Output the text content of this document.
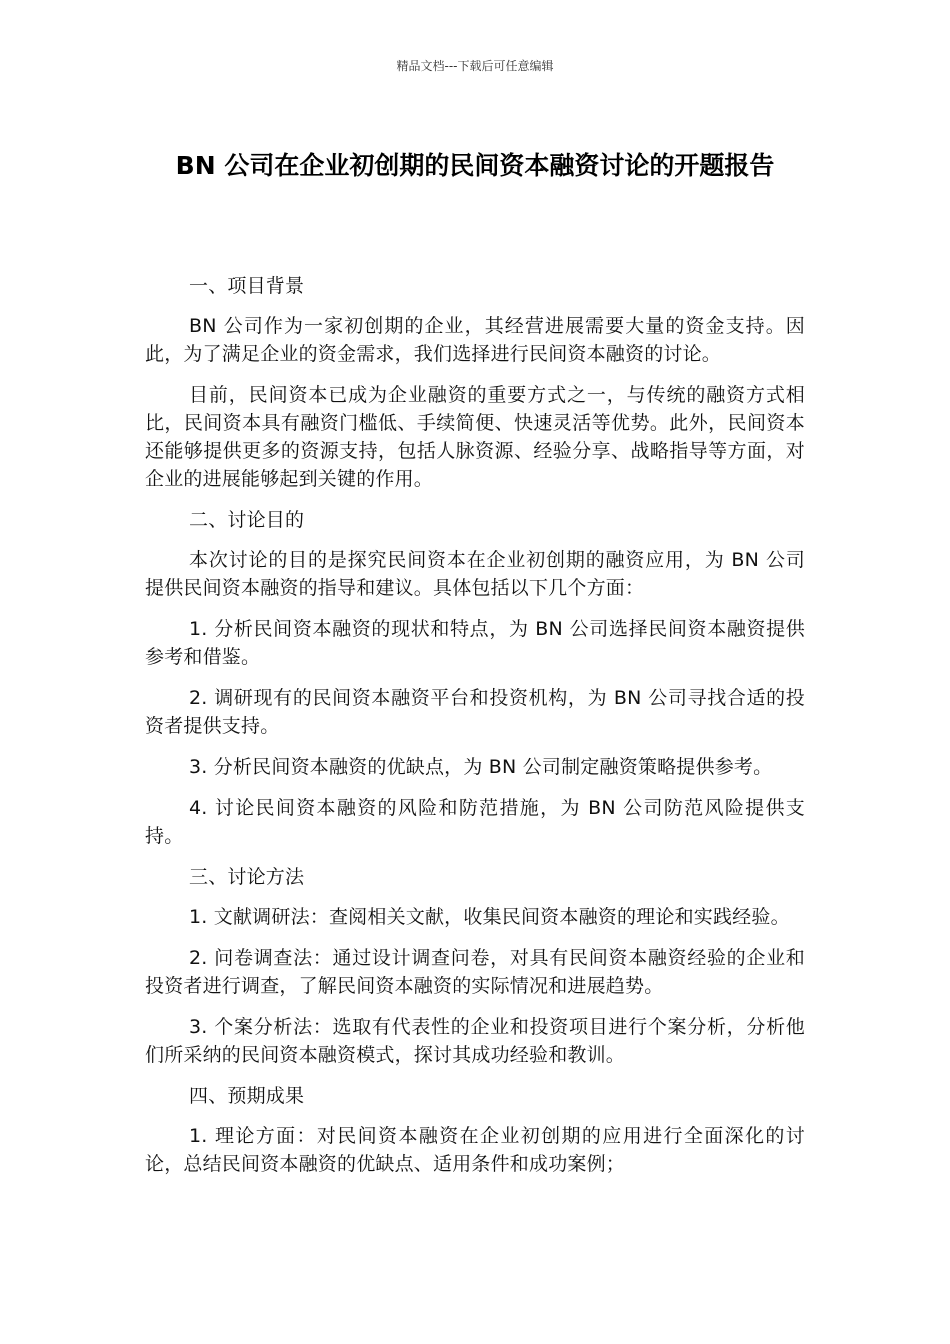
精品文档---下载后可任意编辑
BN 公司在企业初创期的民间资本融资讨论的开题报告

一、项目背景

BN 公司作为一家初创期的企业，其经营进展需要大量的资金支持。因此，为了满足企业的资金需求，我们选择进行民间资本融资的讨论。

目前，民间资本已成为企业融资的重要方式之一，与传统的融资方式相比，民间资本具有融资门槛低、手续简便、快速灵活等优势。此外，民间资本还能够提供更多的资源支持，包括人脉资源、经验分享、战略指导等方面，对企业的进展能够起到关键的作用。

二、讨论目的

本次讨论的目的是探究民间资本在企业初创期的融资应用，为 BN 公司提供民间资本融资的指导和建议。具体包括以下几个方面：

1. 分析民间资本融资的现状和特点，为 BN 公司选择民间资本融资提供参考和借鉴。

2. 调研现有的民间资本融资平台和投资机构，为 BN 公司寻找合适的投资者提供支持。

3. 分析民间资本融资的优缺点，为 BN 公司制定融资策略提供参考。

4. 讨论民间资本融资的风险和防范措施，为 BN 公司防范风险提供支持。

三、讨论方法

1. 文献调研法：查阅相关文献，收集民间资本融资的理论和实践经验。

2. 问卷调查法：通过设计调查问卷，对具有民间资本融资经验的企业和投资者进行调查，了解民间资本融资的实际情况和进展趋势。

3. 个案分析法：选取有代表性的企业和投资项目进行个案分析，分析他们所采纳的民间资本融资模式，探讨其成功经验和教训。

四、预期成果

1. 理论方面：对民间资本融资在企业初创期的应用进行全面深化的讨论，总结民间资本融资的优缺点、适用条件和成功案例；
